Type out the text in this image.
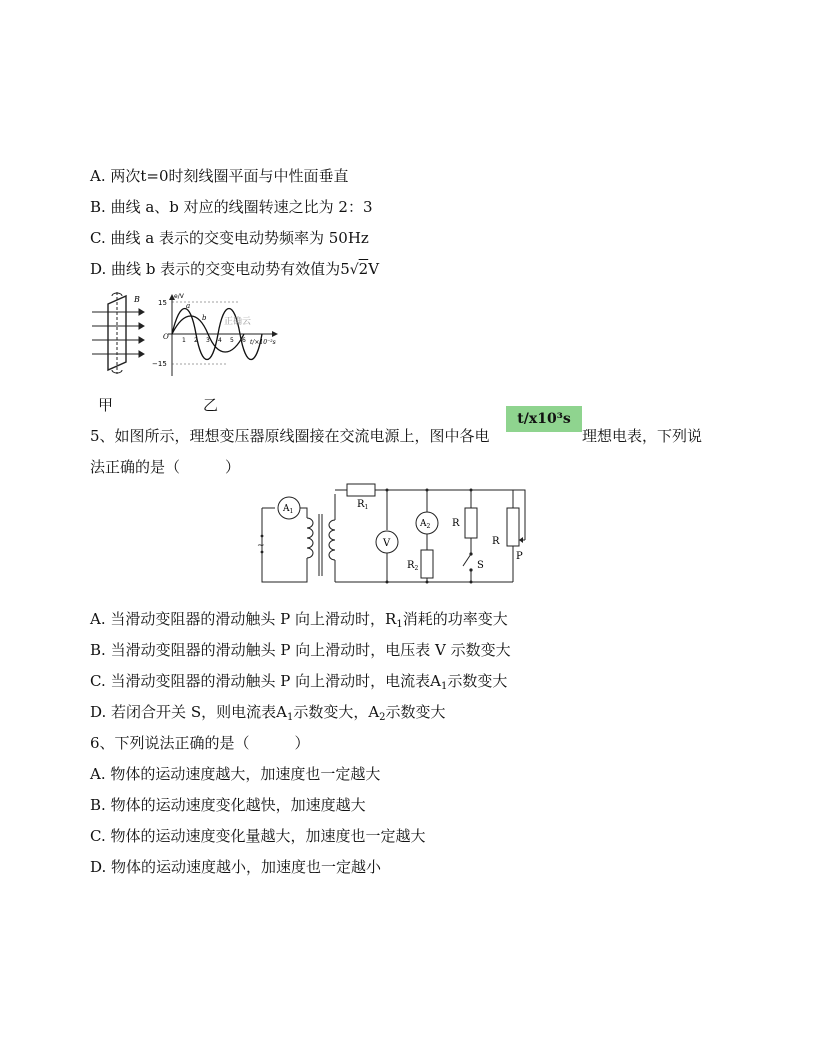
A. 两次t=0时刻线圈平面与中性面垂直
B. 曲线 a、b 对应的线圈转速之比为 2：3
C. 曲线 a 表示的交变电动势频率为 50Hz
D. 曲线 b 表示的交变电动势有效值为5√2V
B	e/V
15
−15
O
a
b
1 2 3 4 5 6 t/×10⁻²s
正确云
甲	乙
5、如图所示，理想变压器原线圈接在交流电源上，图中各电	理想电表，下列说
t/x10³s
法正确的是（　　　）
~
$A_1$
$R_1$
V
$A_2$
$R_2$
R
S
R
P
A. 当滑动变阻器的滑动触头 P 向上滑动时，$R_1$消耗的功率变大
B. 当滑动变阻器的滑动触头 P 向上滑动时，电压表 V 示数变大
C. 当滑动变阻器的滑动触头 P 向上滑动时，电流表$A_1$示数变大
D. 若闭合开关 S，则电流表$A_1$示数变大，$A_2$示数变大
6、下列说法正确的是（　　　）
A. 物体的运动速度越大，加速度也一定越大
B. 物体的运动速度变化越快，加速度越大
C. 物体的运动速度变化量越大，加速度也一定越大
D. 物体的运动速度越小，加速度也一定越小
